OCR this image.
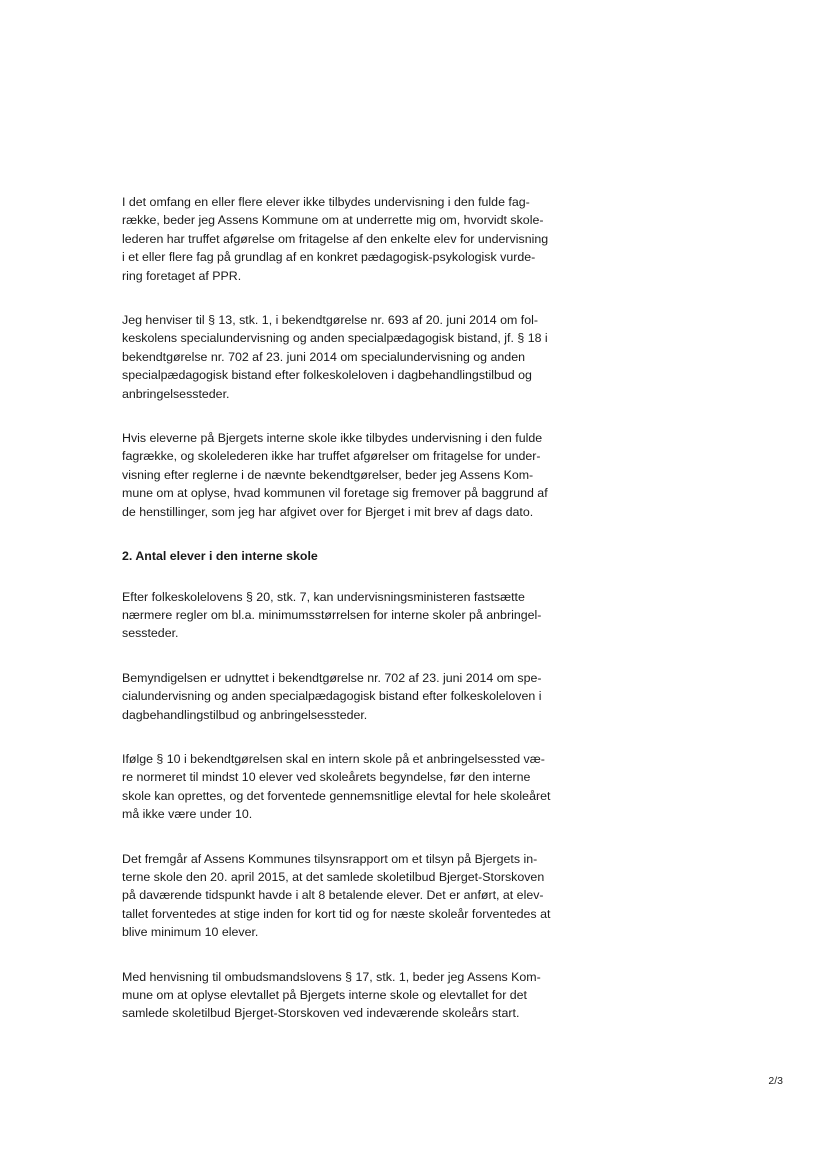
I det omfang en eller flere elever ikke tilbydes undervisning i den fulde fag-
række, beder jeg Assens Kommune om at underrette mig om, hvorvidt skole-
lederen har truffet afgørelse om fritagelse af den enkelte elev for undervisning
i et eller flere fag på grundlag af en konkret pædagogisk-psykologisk vurde-
ring foretaget af PPR.

Jeg henviser til § 13, stk. 1, i bekendtgørelse nr. 693 af 20. juni 2014 om fol-
keskolens specialundervisning og anden specialpædagogisk bistand, jf. § 18 i
bekendtgørelse nr. 702 af 23. juni 2014 om specialundervisning og anden
specialpædagogisk bistand efter folkeskoleloven i dagbehandlingstilbud og
anbringelsessteder.

Hvis eleverne på Bjergets interne skole ikke tilbydes undervisning i den fulde
fagrække, og skolelederen ikke har truffet afgørelser om fritagelse for under-
visning efter reglerne i de nævnte bekendtgørelser, beder jeg Assens Kom-
mune om at oplyse, hvad kommunen vil foretage sig fremover på baggrund af
de henstillinger, som jeg har afgivet over for Bjerget i mit brev af dags dato.

2. Antal elever i den interne skole

Efter folkeskolelovens § 20, stk. 7, kan undervisningsministeren fastsætte
nærmere regler om bl.a. minimumsstørrelsen for interne skoler på anbringel-
sessteder.

Bemyndigelsen er udnyttet i bekendtgørelse nr. 702 af 23. juni 2014 om spe-
cialundervisning og anden specialpædagogisk bistand efter folkeskoleloven i
dagbehandlingstilbud og anbringelsessteder.

Ifølge § 10 i bekendtgørelsen skal en intern skole på et anbringelsessted væ-
re normeret til mindst 10 elever ved skoleårets begyndelse, før den interne
skole kan oprettes, og det forventede gennemsnitlige elevtal for hele skoleåret
må ikke være under 10.

Det fremgår af Assens Kommunes tilsynsrapport om et tilsyn på Bjergets in-
terne skole den 20. april 2015, at det samlede skoletilbud Bjerget-Storskoven
på daværende tidspunkt havde i alt 8 betalende elever. Det er anført, at elev-
tallet forventedes at stige inden for kort tid og for næste skoleår forventedes at
blive minimum 10 elever.

Med henvisning til ombudsmandslovens § 17, stk. 1, beder jeg Assens Kom-
mune om at oplyse elevtallet på Bjergets interne skole og elevtallet for det
samlede skoletilbud Bjerget-Storskoven ved indeværende skoleårs start.

2/3
